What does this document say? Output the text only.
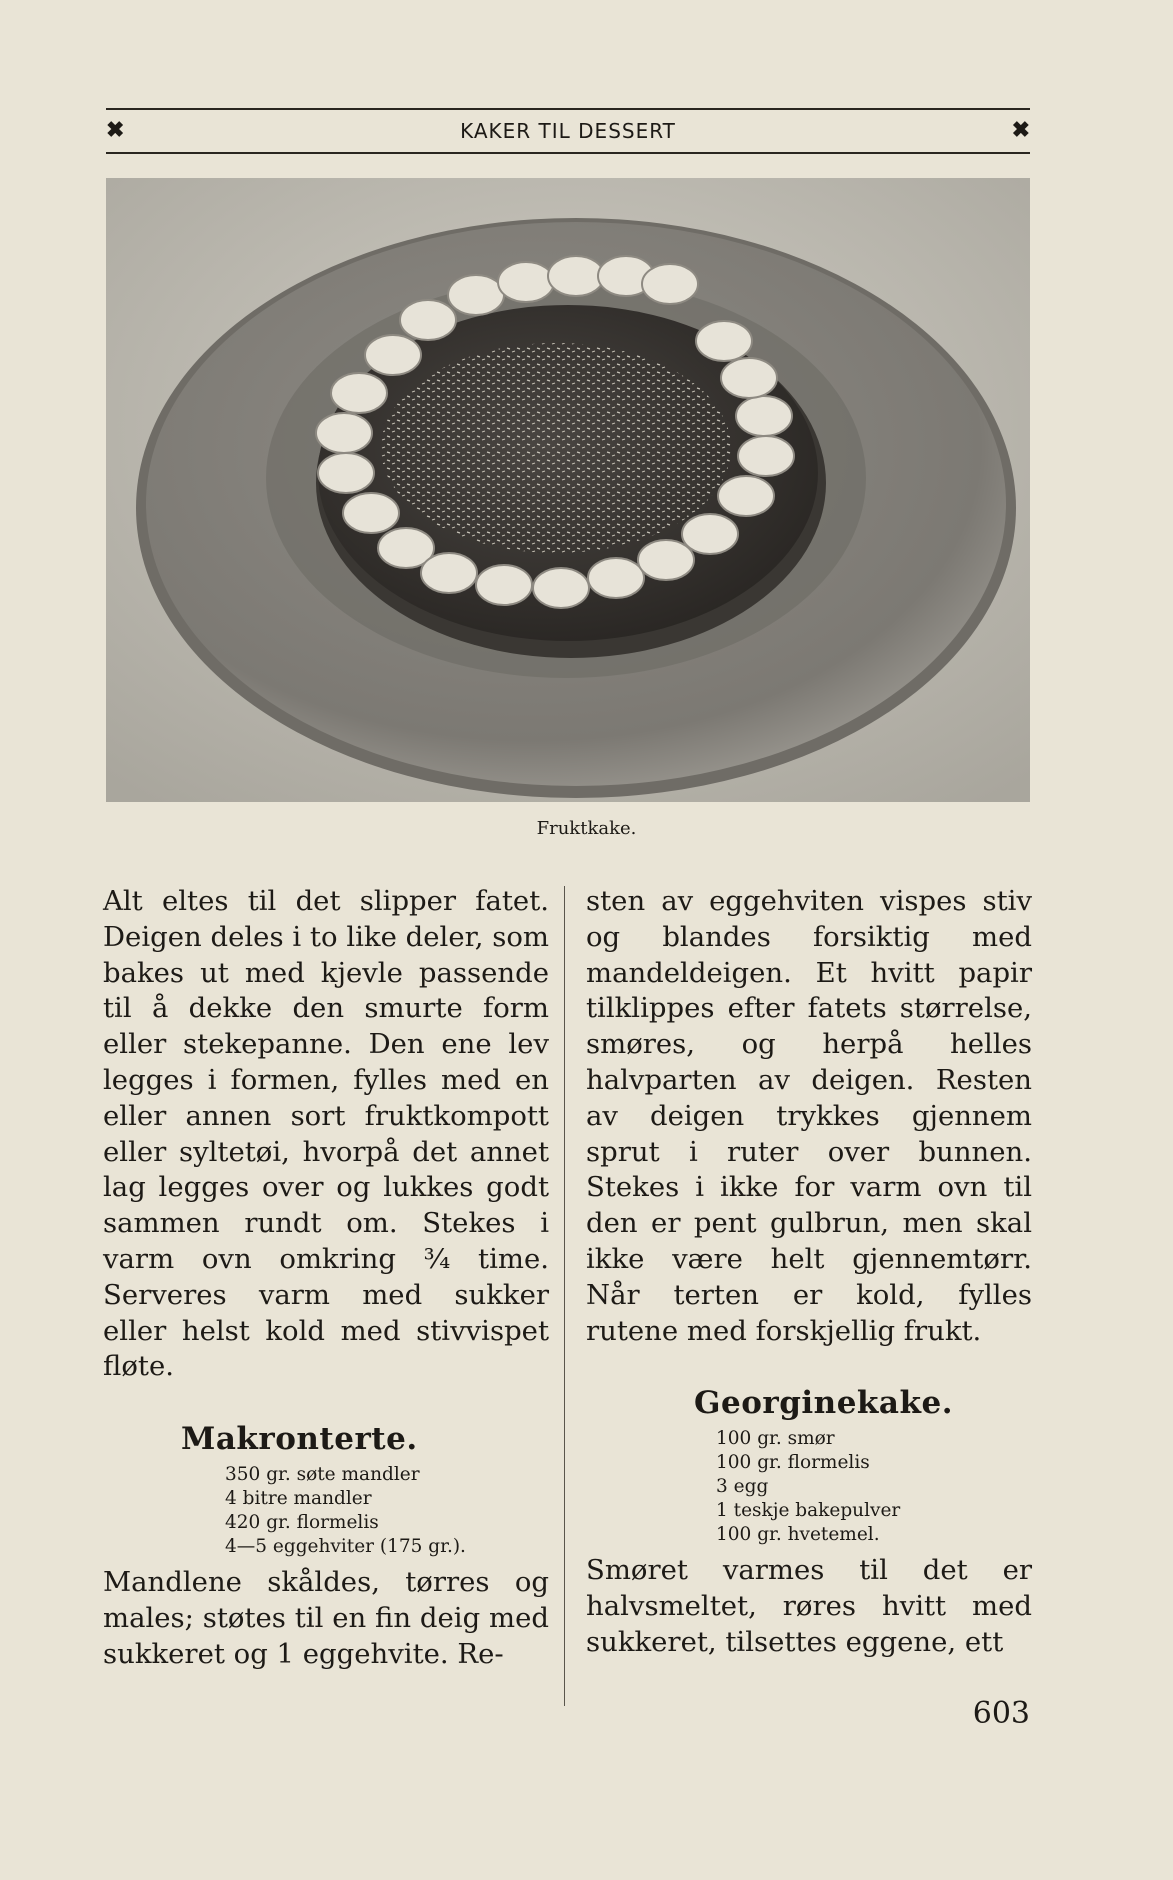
✖	KAKER TIL DESSERT	✖
Fruktkake.

Alt eltes til det slipper fatet. Deigen deles i to like deler, som bakes ut med kjevle passende til å dekke den smurte form eller stekepanne. Den ene lev legges i formen, fylles med en eller annen sort fruktkompott eller syltetøi, hvorpå det annet lag legges over og lukkes godt sammen rundt om. Stekes i varm ovn omkring ¾ time. Serveres varm med sukker eller helst kold med stivvispet fløte.

Makronterte.
350 gr. søte mandler
4 bitre mandler
420 gr. flormelis
4—5 eggehviter (175 gr.).

Mandlene skåldes, tørres og males; støtes til en fin deig med sukkeret og 1 eggehvite. Re-

sten av eggehviten vispes stiv og blandes forsiktig med mandeldeigen. Et hvitt papir tilklippes efter fatets størrelse, smøres, og herpå helles halvparten av deigen. Resten av deigen trykkes gjennem sprut i ruter over bunnen. Stekes i ikke for varm ovn til den er pent gulbrun, men skal ikke være helt gjennemtørr. Når terten er kold, fylles rutene med forskjellig frukt.

Georginekake.
100 gr. smør
100 gr. flormelis
3 egg
1 teskje bakepulver
100 gr. hvetemel.

Smøret varmes til det er halvsmeltet, røres hvitt med sukkeret, tilsettes eggene, ett

603
